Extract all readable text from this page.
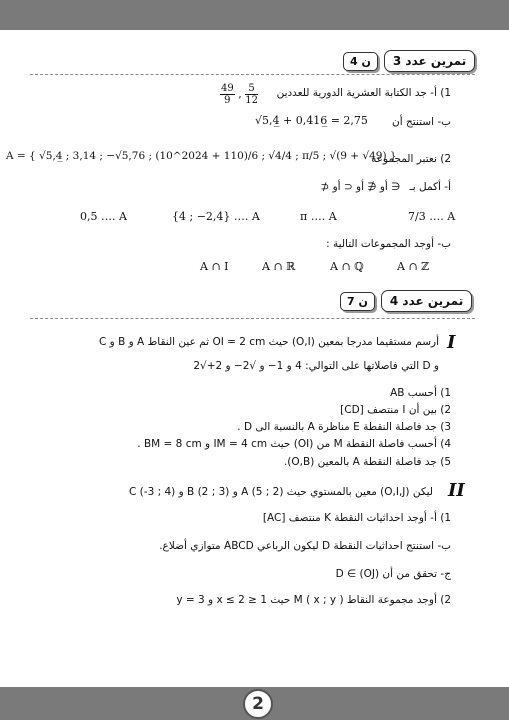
4 ن	تمرين عدد 3
1) أ- جد الكتابة العشرية الدورية للعددين
$\frac{49}{9}$ , $\frac{5}{12}$
ب- استنتج أن
√5,4̲ + 0,416̲ = 2,75
2) نعتبر المجموعة
A = { √5,4̲ ; 3,14 ; −√5,76 ; (10^2024 + 110)/6 ; √4/4 ; π/5 ; √(9 + √49) }
أ- أكمل بـ ∈ أو ∉ أو ⊂ أو ⊄
0,5 …. A	{4 ; −2,4} …. A	π …. A	7/3 …. A
ب- أوجد المجموعات التالية :
A ∩ I	A ∩ ℝ	A ∩ ℚ	A ∩ ℤ
7 ن	تمرين عدد 4
I
أرسم مستقيما مدرجا بمعين (O,I) حيث OI = 2 cm ثم عين النقاط A و B و C
و D التي فاصلاتها على التوالي: 4 و 1− و √2− و 2+√2
1) أحسب AB
2) بين أن I منتصف [CD]
3) جد فاصلة النقطة E مناظرة A بالنسبة الى D .
4) أحسب فاصلة النقطة M من (OI) حيث IM = 4 cm و BM = 8 cm .
5) جد فاصلة النقطة A بالمعين (O,B).
II
ليكن (O,I,J) معين بالمستوي حيث (2 ; 5) A و (3 ; 2) B و (4 ; 3-) C
1) أ- أوجد احداثيات النقطة K منتصف [AC]
ب- استنتج احداثيات النقطة D ليكون الرباعي ABCD متوازي أضلاع.
ج- تحقق من أن D ∈ (OJ)
2) أوجد مجموعة النقاط M ( x ; y ) حيث 1 ≤ x ≤ 2 و y = 3
2
